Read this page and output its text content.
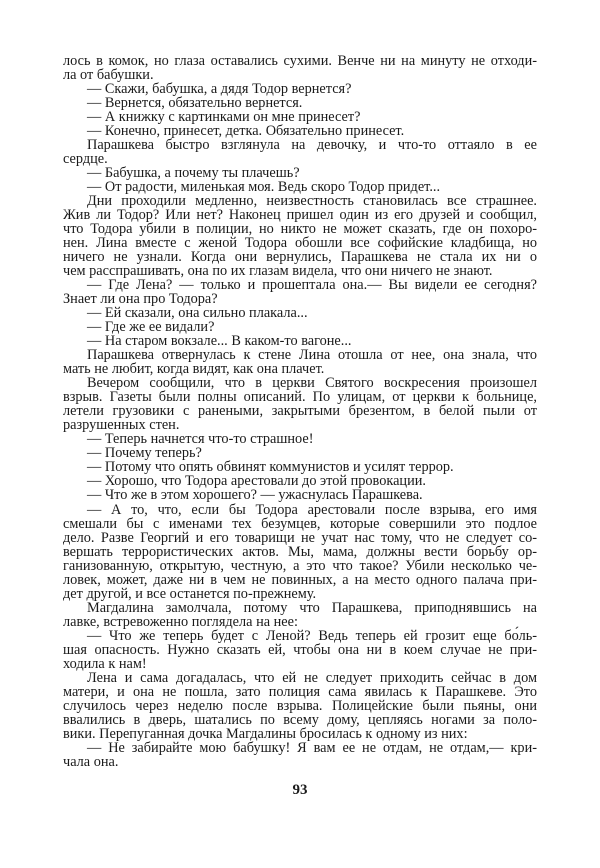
лось в комок, но глаза оставались сухими. Венче ни на минуту не отходи-
ла от бабушки.
— Скажи, бабушка, а дядя Тодор вернется?
— Вернется, обязательно вернется.
— А книжку с картинками он мне принесет?
— Конечно, принесет, детка. Обязательно принесет.
Парашкева быстро взглянула на девочку, и что-то оттаяло в ее
сердце.
— Бабушка, а почему ты плачешь?
— От радости, миленькая моя. Ведь скоро Тодор придет...
Дни проходили медленно, неизвестность становилась все страшнее.
Жив ли Тодор? Или нет? Наконец пришел один из его друзей и сообщил,
что Тодора убили в полиции, но никто не может сказать, где он похоро-
нен. Лина вместе с женой Тодора обошли все софийские кладбища, но
ничего не узнали. Когда они вернулись, Парашкева не стала их ни о
чем расспрашивать, она по их глазам видела, что они ничего не знают.
— Где Лена? — только и прошептала она.— Вы видели ее сегодня?
Знает ли она про Тодора?
— Ей сказали, она сильно плакала...
— Где же ее видали?
— На старом вокзале... В каком-то вагоне...
Парашкева отвернулась к стене Лина отошла от нее, она знала, что
мать не любит, когда видят, как она плачет.
Вечером сообщили, что в церкви Святого воскресения произошел
взрыв. Газеты были полны описаний. По улицам, от церкви к больнице,
летели грузовики с ранеными, закрытыми брезентом, в белой пыли от
разрушенных стен.
— Теперь начнется что-то страшное!
— Почему теперь?
— Потому что опять обвинят коммунистов и усилят террор.
— Хорошо, что Тодора арестовали до этой провокации.
— Что же в этом хорошего? — ужаснулась Парашкева.
— А то, что, если бы Тодора арестовали после взрыва, его имя
смешали бы с именами тех безумцев, которые совершили это подлое
дело. Разве Георгий и его товарищи не учат нас тому, что не следует со-
вершать террористических актов. Мы, мама, должны вести борьбу ор-
ганизованную, открытую, честную, а это что такое? Убили несколько че-
ловек, может, даже ни в чем не повинных, а на место одного палача при-
дет другой, и все останется по-прежнему.
Магдалина замолчала, потому что Парашкева, приподнявшись на
лавке, встревоженно поглядела на нее:
— Что же теперь будет с Леной? Ведь теперь ей грозит еще бо́ль-
шая опасность. Нужно сказать ей, чтобы она ни в коем случае не при-
ходила к нам!
Лена и сама догадалась, что ей не следует приходить сейчас в дом
матери, и она не пошла, зато полиция сама явилась к Парашкеве. Это
случилось через неделю после взрыва. Полицейские были пьяны, они
ввалились в дверь, шатались по всему дому, цепляясь ногами за поло-
вики. Перепуганная дочка Магдалины бросилась к одному из них:
— Не забирайте мою бабушку! Я вам ее не отдам, не отдам,— кри-
чала она.
93
